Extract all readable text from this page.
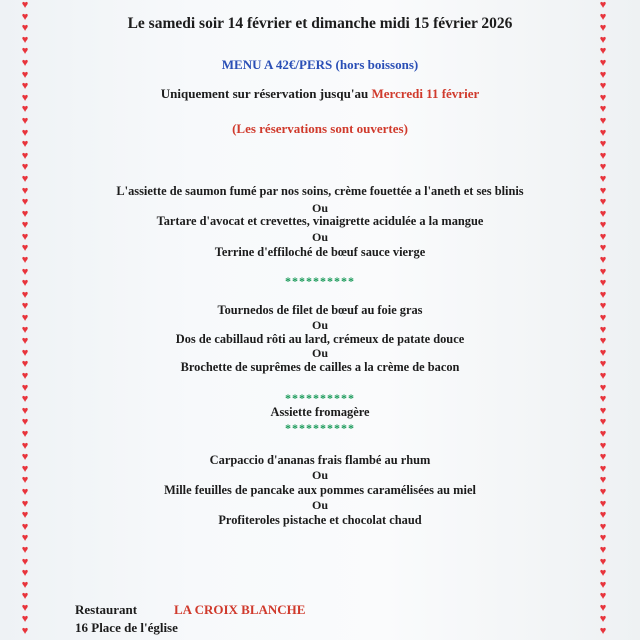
♥
♥
♥
♥
♥
♥
♥
♥
♥
♥
♥
♥
♥
♥
♥
♥
♥
♥
♥
♥
♥
♥
♥
♥
♥
♥
♥
♥
♥
♥
♥
♥
♥
♥
♥
♥
♥
♥
♥
♥
♥
♥
♥
♥
♥
♥
♥
♥
♥
♥
♥
♥
♥
♥
♥
♥
♥
♥
♥
♥
♥
♥
♥
♥
♥
♥
♥
♥
♥
♥
♥
♥
♥
♥
♥
♥
♥
♥
♥
♥
♥
♥
♥
♥
♥
♥
♥
♥
♥
♥
♥
♥
♥
♥
♥
♥
♥
♥
♥
♥
♥
♥
♥
♥
♥
♥
♥
♥
♥
♥
Le samedi soir 14 février et dimanche midi 15 février 2026
MENU A 42€/PERS (hors boissons)
Uniquement sur réservation jusqu'au Mercredi 11 février
(Les réservations sont ouvertes)
L'assiette de saumon fumé par nos soins, crème fouettée a l'aneth et ses blinis
Ou
Tartare d'avocat et crevettes, vinaigrette acidulée a la mangue
Ou
Terrine d'effiloché de bœuf sauce vierge
**********
Tournedos de filet de bœuf au foie gras
Ou
Dos de cabillaud rôti au lard, crémeux de patate douce
Ou
Brochette de suprêmes de cailles a la crème de bacon
**********
Assiette fromagère
**********
Carpaccio d'ananas frais flambé au rhum
Ou
Mille feuilles de pancake aux pommes caramélisées au miel
Ou
Profiteroles pistache et chocolat chaud
Restaurant	LA CROIX BLANCHE
16 Place de l'église
